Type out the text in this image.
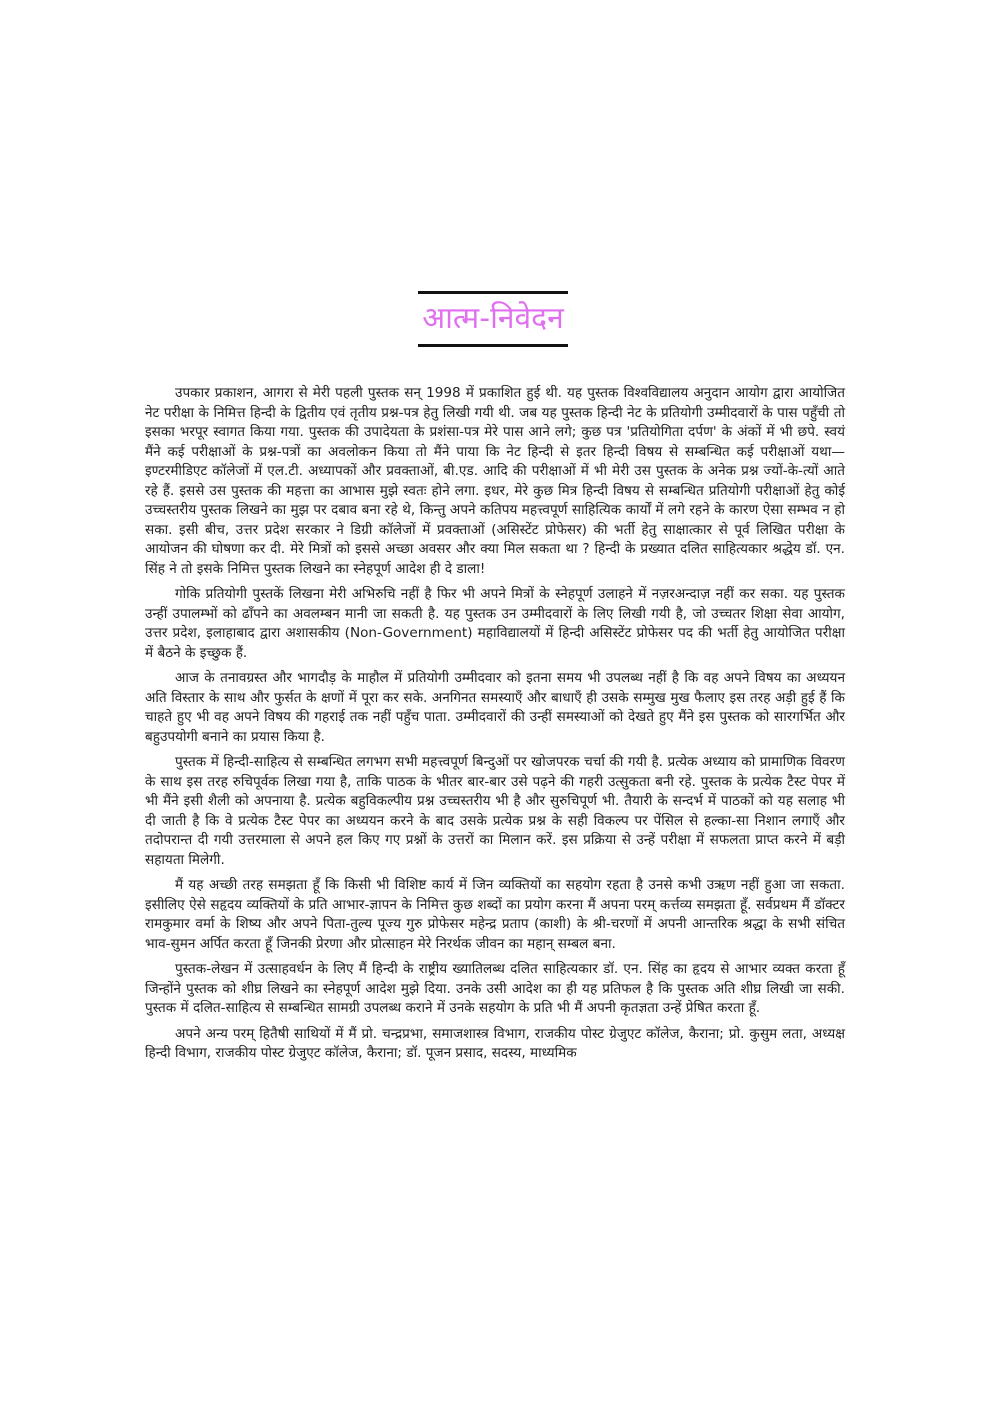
आत्म-निवेदन

उपकार प्रकाशन, आगरा से मेरी पहली पुस्तक सन् 1998 में प्रकाशित हुई थी. यह पुस्तक विश्वविद्यालय अनुदान आयोग द्वारा आयोजित नेट परीक्षा के निमित्त हिन्दी के द्वितीय एवं तृतीय प्रश्न-पत्र हेतु लिखी गयी थी. जब यह पुस्तक हिन्दी नेट के प्रतियोगी उम्मीदवारों के पास पहुँची तो इसका भरपूर स्वागत किया गया. पुस्तक की उपादेयता के प्रशंसा-पत्र मेरे पास आने लगे; कुछ पत्र 'प्रतियोगिता दर्पण' के अंकों में भी छपे. स्वयं मैंने कई परीक्षाओं के प्रश्न-पत्रों का अवलोकन किया तो मैंने पाया कि नेट हिन्दी से इतर हिन्दी विषय से सम्बन्धित कई परीक्षाओं यथा—इण्टरमीडिएट कॉलेजों में एल.टी. अध्यापकों और प्रवक्ताओं, बी.एड. आदि की परीक्षाओं में भी मेरी उस पुस्तक के अनेक प्रश्न ज्यों-के-त्यों आते रहे हैं. इससे उस पुस्तक की महत्ता का आभास मुझे स्वतः होने लगा. इधर, मेरे कुछ मित्र हिन्दी विषय से सम्बन्धित प्रतियोगी परीक्षाओं हेतु कोई उच्चस्तरीय पुस्तक लिखने का मुझ पर दबाव बना रहे थे, किन्तु अपने कतिपय महत्त्वपूर्ण साहित्यिक कार्यों में लगे रहने के कारण ऐसा सम्भव न हो सका. इसी बीच, उत्तर प्रदेश सरकार ने डिग्री कॉलेजों में प्रवक्ताओं (असिस्टेंट प्रोफेसर) की भर्ती हेतु साक्षात्कार से पूर्व लिखित परीक्षा के आयोजन की घोषणा कर दी. मेरे मित्रों को इससे अच्छा अवसर और क्या मिल सकता था ? हिन्दी के प्रख्यात दलित साहित्यकार श्रद्धेय डॉ. एन. सिंह ने तो इसके निमित्त पुस्तक लिखने का स्नेहपूर्ण आदेश ही दे डाला!

गोकि प्रतियोगी पुस्तकें लिखना मेरी अभिरुचि नहीं है फिर भी अपने मित्रों के स्नेहपूर्ण उलाहने में नज़रअन्दाज़ नहीं कर सका. यह पुस्तक उन्हीं उपालम्भों को ढाँपने का अवलम्बन मानी जा सकती है. यह पुस्तक उन उम्मीदवारों के लिए लिखी गयी है, जो उच्चतर शिक्षा सेवा आयोग, उत्तर प्रदेश, इलाहाबाद द्वारा अशासकीय (Non-Government) महाविद्यालयों में हिन्दी असिस्टेंट प्रोफेसर पद की भर्ती हेतु आयोजित परीक्षा में बैठने के इच्छुक हैं.

आज के तनावग्रस्त और भागदौड़ के माहौल में प्रतियोगी उम्मीदवार को इतना समय भी उपलब्ध नहीं है कि वह अपने विषय का अध्ययन अति विस्तार के साथ और फुर्सत के क्षणों में पूरा कर सके. अनगिनत समस्याएँ और बाधाएँ ही उसके सम्मुख मुख फैलाए इस तरह अड़ी हुई हैं कि चाहते हुए भी वह अपने विषय की गहराई तक नहीं पहुँच पाता. उम्मीदवारों की उन्हीं समस्याओं को देखते हुए मैंने इस पुस्तक को सारगर्भित और बहुउपयोगी बनाने का प्रयास किया है.

पुस्तक में हिन्दी-साहित्य से सम्बन्धित लगभग सभी महत्त्वपूर्ण बिन्दुओं पर खोजपरक चर्चा की गयी है. प्रत्येक अध्याय को प्रामाणिक विवरण के साथ इस तरह रुचिपूर्वक लिखा गया है, ताकि पाठक के भीतर बार-बार उसे पढ़ने की गहरी उत्सुकता बनी रहे. पुस्तक के प्रत्येक टैस्ट पेपर में भी मैंने इसी शैली को अपनाया है. प्रत्येक बहुविकल्पीय प्रश्न उच्चस्तरीय भी है और सुरुचिपूर्ण भी. तैयारी के सन्दर्भ में पाठकों को यह सलाह भी दी जाती है कि वे प्रत्येक टैस्ट पेपर का अध्ययन करने के बाद उसके प्रत्येक प्रश्न के सही विकल्प पर पेंसिल से हल्का-सा निशान लगाएँ और तदोपरान्त दी गयी उत्तरमाला से अपने हल किए गए प्रश्नों के उत्तरों का मिलान करें. इस प्रक्रिया से उन्हें परीक्षा में सफलता प्राप्त करने में बड़ी सहायता मिलेगी.

मैं यह अच्छी तरह समझता हूँ कि किसी भी विशिष्ट कार्य में जिन व्यक्तियों का सहयोग रहता है उनसे कभी उऋण नहीं हुआ जा सकता. इसीलिए ऐसे सहृदय व्यक्तियों के प्रति आभार-ज्ञापन के निमित्त कुछ शब्दों का प्रयोग करना मैं अपना परम् कर्त्तव्य समझता हूँ. सर्वप्रथम मैं डॉक्टर रामकुमार वर्मा के शिष्य और अपने पिता-तुल्य पूज्य गुरु प्रोफेसर महेन्द्र प्रताप (काशी) के श्री-चरणों में अपनी आन्तरिक श्रद्धा के सभी संचित भाव-सुमन अर्पित करता हूँ जिनकी प्रेरणा और प्रोत्साहन मेरे निरर्थक जीवन का महान् सम्बल बना.

पुस्तक-लेखन में उत्साहवर्धन के लिए मैं हिन्दी के राष्ट्रीय ख्यातिलब्ध दलित साहित्यकार डॉ. एन. सिंह का हृदय से आभार व्यक्त करता हूँ जिन्होंने पुस्तक को शीघ्र लिखने का स्नेहपूर्ण आदेश मुझे दिया. उनके उसी आदेश का ही यह प्रतिफल है कि पुस्तक अति शीघ्र लिखी जा सकी. पुस्तक में दलित-साहित्य से सम्बन्धित सामग्री उपलब्ध कराने में उनके सहयोग के प्रति भी मैं अपनी कृतज्ञता उन्हें प्रेषित करता हूँ.

अपने अन्य परम् हितैषी साथियों में मैं प्रो. चन्द्रप्रभा, समाजशास्त्र विभाग, राजकीय पोस्ट ग्रेजुएट कॉलेज, कैराना; प्रो. कुसुम लता, अध्यक्ष हिन्दी विभाग, राजकीय पोस्ट ग्रेजुएट कॉलेज, कैराना; डॉ. पूजन प्रसाद, सदस्य, माध्यमिक
